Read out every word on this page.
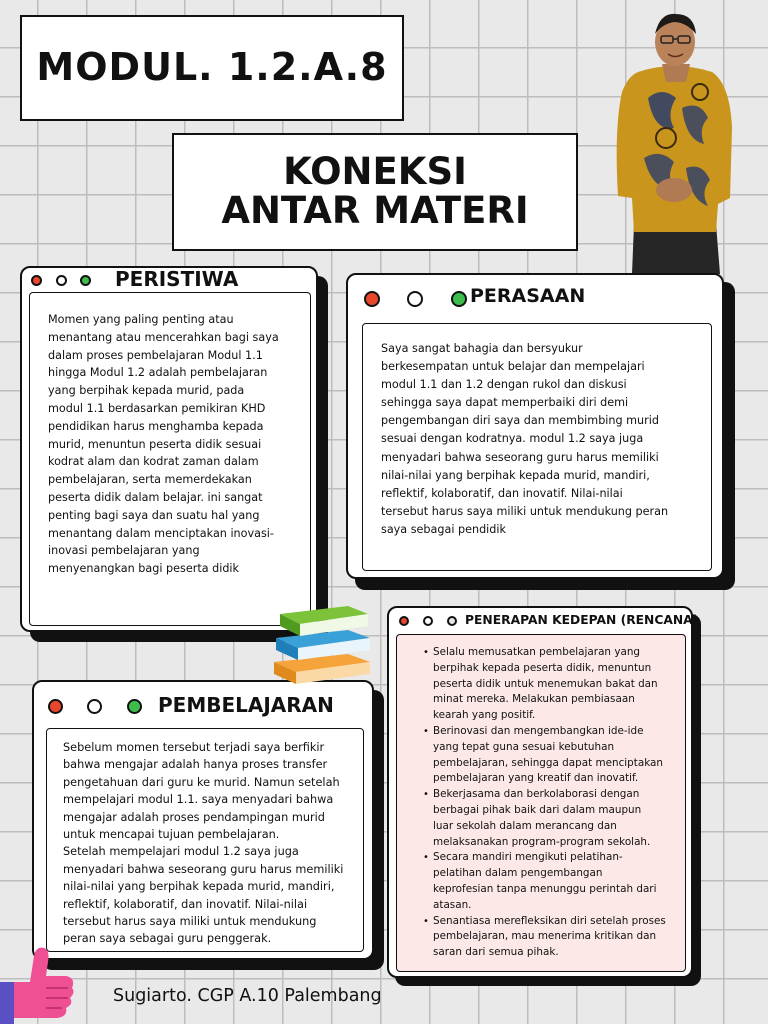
MODUL. 1.2.A.8
KONEKSI
ANTAR MATERI
PERISTIWA
Momen yang paling penting atau
menantang atau mencerahkan bagi saya
dalam proses pembelajaran Modul 1.1
hingga Modul 1.2 adalah pembelajaran
yang berpihak kepada murid, pada
modul 1.1 berdasarkan pemikiran KHD
pendidikan harus menghamba kepada
murid, menuntun peserta didik sesuai
kodrat alam dan kodrat zaman dalam
pembelajaran, serta memerdekakan
peserta didik dalam belajar. ini sangat
penting bagi saya dan suatu hal yang
menantang dalam menciptakan inovasi-
inovasi pembelajaran yang
menyenangkan bagi peserta didik
PERASAAN
Saya sangat bahagia dan bersyukur
berkesempatan untuk belajar dan mempelajari
modul 1.1 dan 1.2 dengan rukol dan diskusi
sehingga saya dapat memperbaiki diri demi
pengembangan diri saya dan membimbing murid
sesuai dengan kodratnya. modul 1.2 saya juga
menyadari bahwa seseorang guru harus memiliki
nilai-nilai yang berpihak kepada murid, mandiri,
reflektif, kolaboratif, dan inovatif. Nilai-nilai
tersebut harus saya miliki untuk mendukung peran
saya sebagai pendidik
PENERAPAN KEDEPAN (RENCANA)
• Selalu memusatkan pembelajaran yang
berpihak kepada peserta didik, menuntun
peserta didik untuk menemukan bakat dan
minat mereka. Melakukan pembiasaan
kearah yang positif.
• Berinovasi dan mengembangkan ide-ide
yang tepat guna sesuai kebutuhan
pembelajaran, sehingga dapat menciptakan
pembelajaran yang kreatif dan inovatif.
• Bekerjasama dan berkolaborasi dengan
berbagai pihak baik dari dalam maupun
luar sekolah dalam merancang dan
melaksanakan program-program sekolah.
• Secara mandiri mengikuti pelatihan-
pelatihan dalam pengembangan
keprofesian tanpa menunggu perintah dari
atasan.
• Senantiasa merefleksikan diri setelah proses
pembelajaran, mau menerima kritikan dan
saran dari semua pihak.
PEMBELAJARAN
Sebelum momen tersebut terjadi saya berfikir
bahwa mengajar adalah hanya proses transfer
pengetahuan dari guru ke murid. Namun setelah
mempelajari modul 1.1. saya menyadari bahwa
mengajar adalah proses pendampingan murid
untuk mencapai tujuan pembelajaran.
Setelah mempelajari modul 1.2 saya juga
menyadari bahwa seseorang guru harus memiliki
nilai-nilai yang berpihak kepada murid, mandiri,
reflektif, kolaboratif, dan inovatif. Nilai-nilai
tersebut harus saya miliki untuk mendukung
peran saya sebagai guru penggerak.
Sugiarto. CGP A.10 Palembang
